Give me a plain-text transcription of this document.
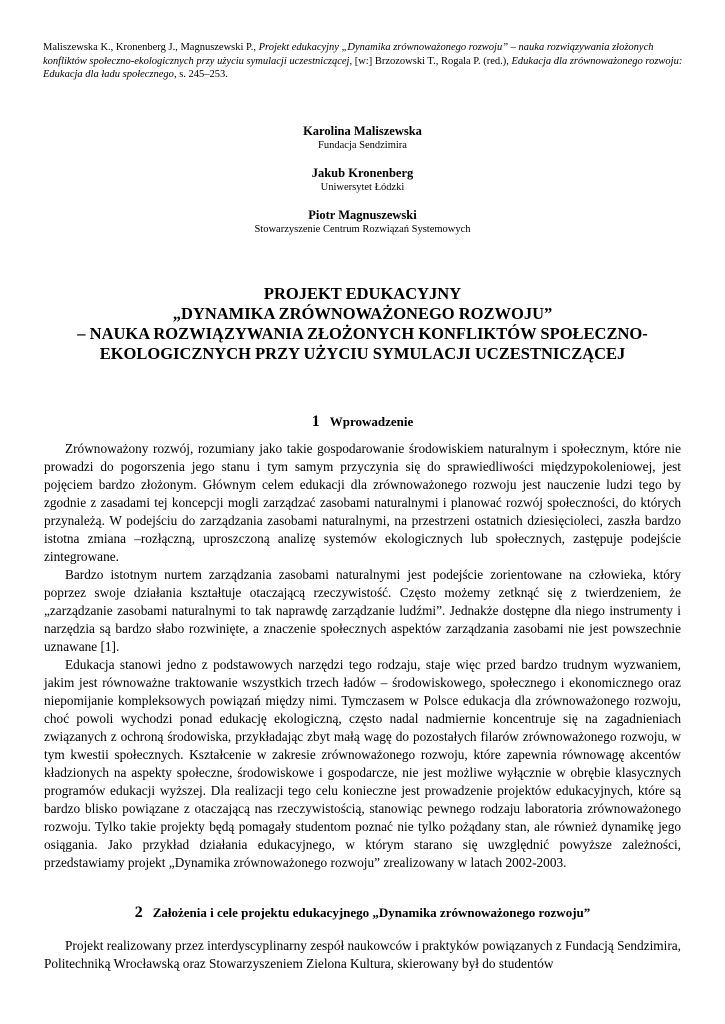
Maliszewska K., Kronenberg J., Magnuszewski P., Projekt edukacyjny „Dynamika zrównoważonego rozwoju” – nauka rozwiązywania złożonych konfliktów społeczno-ekologicznych przy użyciu symulacji uczestniczącej, [w:] Brzozowski T., Rogala P. (red.), Edukacja dla zrównoważonego rozwoju: Edukacja dla ładu społecznego, s. 245–253.
Karolina Maliszewska
Fundacja Sendzimira
Jakub Kronenberg
Uniwersytet Łódzki
Piotr Magnuszewski
Stowarzyszenie Centrum Rozwiązań Systemowych
PROJEKT EDUKACYJNY
„DYNAMIKA ZRÓWNOWAŻONEGO ROZWOJU”
– NAUKA ROZWIĄZYWANIA ZŁOŻONYCH KONFLIKTÓW SPOŁECZNO-
EKOLOGICZNYCH PRZY UŻYCIU SYMULACJI UCZESTNICZĄCEJ
1 Wprowadzenie

Zrównoważony rozwój, rozumiany jako takie gospodarowanie środowiskiem naturalnym i społecznym, które nie prowadzi do pogorszenia jego stanu i tym samym przyczynia się do sprawiedliwości międzypokoleniowej, jest pojęciem bardzo złożonym. Głównym celem edukacji dla zrównoważonego rozwoju jest nauczenie ludzi tego by zgodnie z zasadami tej koncepcji mogli zarządzać zasobami naturalnymi i planować rozwój społeczności, do których przynależą. W podejściu do zarządzania zasobami naturalnymi, na przestrzeni ostatnich dziesięcioleci, zaszła bardzo istotna zmiana –rozłączną, uproszczoną analizę systemów ekologicznych lub społecznych, zastępuje podejście zintegrowane.

Bardzo istotnym nurtem zarządzania zasobami naturalnymi jest podejście zorientowane na człowieka, który poprzez swoje działania kształtuje otaczającą rzeczywistość. Często możemy zetknąć się z twierdzeniem, że „zarządzanie zasobami naturalnymi to tak naprawdę zarządzanie ludźmi”. Jednakże dostępne dla niego instrumenty i narzędzia są bardzo słabo rozwinięte, a znaczenie społecznych aspektów zarządzania zasobami nie jest powszechnie uznawane [1].

Edukacja stanowi jedno z podstawowych narzędzi tego rodzaju, staje więc przed bardzo trudnym wyzwaniem, jakim jest równoważne traktowanie wszystkich trzech ładów – środowiskowego, społecznego i ekonomicznego oraz niepomijanie kompleksowych powiązań między nimi. Tymczasem w Polsce edukacja dla zrównoważonego rozwoju, choć powoli wychodzi ponad edukację ekologiczną, często nadal nadmiernie koncentruje się na zagadnieniach związanych z ochroną środowiska, przykładając zbyt małą wagę do pozostałych filarów zrównoważonego rozwoju, w tym kwestii społecznych. Kształcenie w zakresie zrównoważonego rozwoju, które zapewnia równowagę akcentów kładzionych na aspekty społeczne, środowiskowe i gospodarcze, nie jest możliwe wyłącznie w obrębie klasycznych programów edukacji wyższej. Dla realizacji tego celu konieczne jest prowadzenie projektów edukacyjnych, które są bardzo blisko powiązane z otaczającą nas rzeczywistością, stanowiąc pewnego rodzaju laboratoria zrównoważonego rozwoju. Tylko takie projekty będą pomagały studentom poznać nie tylko pożądany stan, ale również dynamikę jego osiągania. Jako przykład działania edukacyjnego, w którym starano się uwzględnić powyższe zależności, przedstawiamy projekt „Dynamika zrównoważonego rozwoju” zrealizowany w latach 2002-2003.

2 Założenia i cele projektu edukacyjnego „Dynamika zrównoważonego rozwoju”

Projekt realizowany przez interdyscyplinarny zespół naukowców i praktyków powiązanych z Fundacją Sendzimira, Politechniką Wrocławską oraz Stowarzyszeniem Zielona Kultura, skierowany był do studentów
